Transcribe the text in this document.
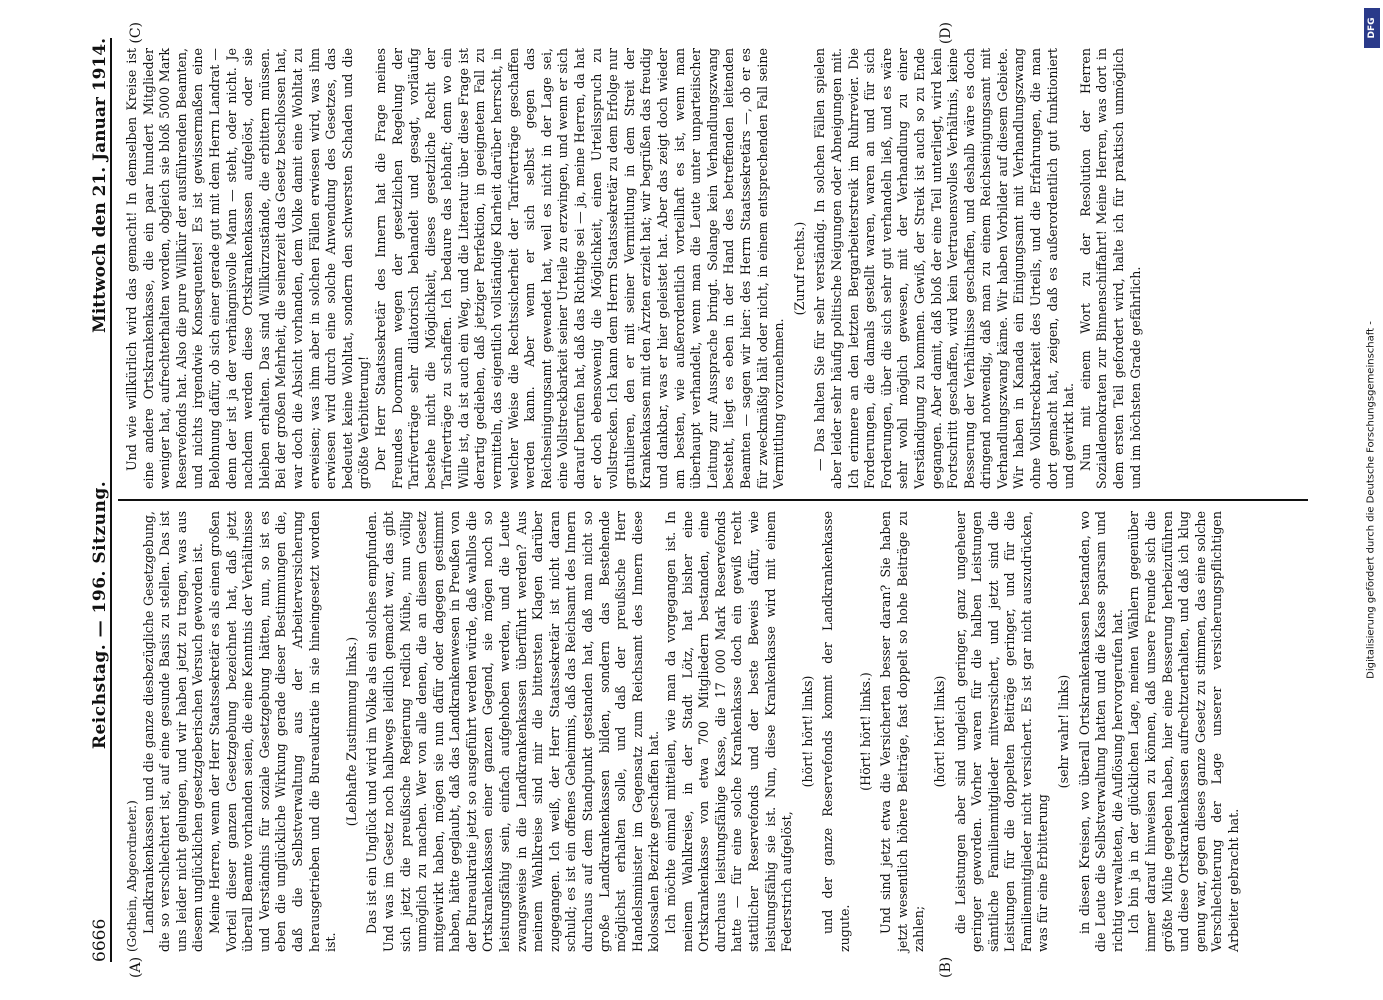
6666
Reichstag. — 196. Sitzung.
Mittwoch den 21. Januar 1914.
(A)	(B)

(Gothein, Abgeordneter.) Landkrankenkassen und die ganze diesbezügliche Gesetzgebung, die so verschlechtert ist, auf eine gesunde Basis zu stellen. Das ist uns leider nicht gelungen, und wir haben jetzt zu tragen, was aus diesem unglücklichen gesetzgeberischen Versuch geworden ist. Meine Herren, wenn der Herr Staatssekretär es als einen großen Vorteil dieser ganzen Gesetzgebung bezeichnet hat, daß jetzt überall Beamte vorhanden seien, die eine Kenntnis der Verhältnisse und Verständnis für soziale Gesetzgebung hätten, nun, so ist es eben die unglückliche Wirkung gerade dieser Bestimmungen die, daß die Selbstverwaltung aus der Arbeiterversicherung herausgetrieben und die Bureaukratie in sie hineingesetzt worden ist.

(Lebhafte Zustimmung links.) Das ist ein Unglück und wird im Volke als ein solches empfunden. Und was im Gesetz noch halbwegs leidlich gemacht war, das gibt sich jetzt die preußische Regierung redlich Mühe, nun völlig unmöglich zu machen. Wer von alle denen, die an diesem Gesetz mitgewirkt haben, mögen sie nun dafür oder dagegen gestimmt haben, hätte geglaubt, daß das Landkrankenwesen in Preußen von der Bureaukratie jetzt so ausgeführt werden würde, daß wahllos die Ortskrankenkassen einer ganzen Gegend, sie mögen noch so leistungsfähig sein, einfach aufgehoben werden, und die Leute zwangsweise in die Landkrankenkassen überführt werden? Aus meinem Wahlkreise sind mir die bittersten Klagen darüber zugegangen. Ich weiß, der Herr Staatssekretär ist nicht daran schuld; es ist ein offenes Geheimnis, daß das Reichsamt des Innern durchaus auf dem Standpunkt gestanden hat, daß man nicht so große Landkrankenkassen bilden, sondern das Bestehende möglichst erhalten solle, und daß der preußische Herr Handelsminister im Gegensatz zum Reichsamt des Innern diese kolossalen Bezirke geschaffen hat. Ich möchte einmal mitteilen, wie man da vorgegangen ist. In meinem Wahlkreise, in der Stadt Lötz, hat bisher eine Ortskrankenkasse von etwa 700 Mitgliedern bestanden, eine durchaus leistungsfähige Kasse, die 17 000 Mark Reservefonds hatte — für eine solche Krankenkasse doch ein gewiß recht stattlicher Reservefonds und der beste Beweis dafür, wie leistungsfähig sie ist. Nun, diese Krankenkasse wird mit einem Federstrich aufgelöst,

(hört! hört! links) und der ganze Reservefonds kommt der Landkrankenkasse zugute.

(Hört! hört! links.) Und sind jetzt etwa die Versicherten besser daran? Sie haben jetzt wesentlich höhere Beiträge, fast doppelt so hohe Beiträge zu zahlen;

(hört! hört! links) die Leistungen aber sind ungleich geringer, ganz ungeheuer geringer geworden. Vorher waren für die halben Leistungen sämtliche Familienmitglieder mitversichert, und jetzt sind die Leistungen für die doppelten Beiträge geringer, und für die Familienmitglieder nicht versichert. Es ist gar nicht auszudrücken, was für eine Erbitterung

(sehr wahr! links) in diesen Kreisen, wo überall Ortskrankenkassen bestanden, wo die Leute die Selbstverwaltung hatten und die Kasse sparsam und richtig verwalteten, die Auflösung hervorgerufen hat. Ich bin ja in der glücklichen Lage, meinen Wählern gegenüber immer darauf hinweisen zu können, daß unsere Freunde sich die größte Mühe gegeben haben, hier eine Besserung herbeizuführen und diese Ortskrankenkassen aufrechtzuerhalten, und daß ich klug genug war, gegen dieses ganze Gesetz zu stimmen, das eine solche Verschlechterung der Lage unserer versicherungspflichtigen Arbeiter gebracht hat.

(C)	(D)

Und wie willkürlich wird das gemacht! In demselben Kreise ist eine andere Ortskrankenkasse, die ein paar hundert Mitglieder weniger hat, aufrechterhalten worden, obgleich sie bloß 5000 Mark Reservefonds hat. Also die pure Willkür der ausführenden Beamten, und nichts irgendwie Konsequentes! Es ist gewissermaßen eine Belohnung dafür, ob sich einer gerade gut mit dem Herrn Landrat — denn der ist ja der verhängnisvolle Mann — steht, oder nicht. Je nachdem werden diese Ortskrankenkassen aufgelöst, oder sie bleiben erhalten. Das sind Willkürzustände, die erbittern müssen. Bei der großen Mehrheit, die seinerzeit das Gesetz beschlossen hat, war doch die Absicht vorhanden, dem Volke damit eine Wohltat zu erweisen; was ihm aber in solchen Fällen erwiesen wird, was ihm erwiesen wird durch eine solche Anwendung des Gesetzes, das bedeutet keine Wohltat, sondern den schwersten Schaden und die größte Verbitterung! Der Herr Staatssekretär des Innern hat die Frage meines Freundes Doormann wegen der gesetzlichen Regelung der Tarifverträge sehr dilatorisch behandelt und gesagt, vorläufig bestehe nicht die Möglichkeit, dieses gesetzliche Recht der Tarifverträge zu schaffen. Ich bedaure das lebhaft; denn wo ein Wille ist, da ist auch ein Weg, und die Literatur über diese Frage ist derartig gediehen, daß jetziger Perfektion, in geeignetem Fall zu vermitteln, das eigentlich vollständige Klarheit darüber herrscht, in welcher Weise die Rechtssicherheit der Tarifverträge geschaffen werden kann. Aber wenn er sich selbst gegen das Reichseinigungsamt gewendet hat, weil es nicht in der Lage sei, eine Vollstreckbarkeit seiner Urteile zu erzwingen, und wenn er sich darauf berufen hat, daß das Richtige sei — ja, meine Herren, da hat er doch ebensowenig die Möglichkeit, einen Urteilsspruch zu vollstrecken. Ich kann dem Herrn Staatssekretär zu dem Erfolge nur gratulieren, den er mit seiner Vermittlung in dem Streit der Krankenkassen mit den Ärzten erzielt hat; wir begrüßen das freudig und dankbar, was er hier geleistet hat. Aber das zeigt doch wieder am besten, wie außerordentlich vorteilhaft es ist, wenn man überhaupt verhandelt, wenn man die Leute unter unparteiischer Leitung zur Aussprache bringt. Solange kein Verhandlungszwang besteht, liegt es eben in der Hand des betreffenden leitenden Beamten — sagen wir hier: des Herrn Staatssekretärs —, ob er es für zweckmäßig hält oder nicht, in einem entsprechenden Fall seine Vermittlung vorzunehmen.

(Zuruf rechts.) — Das halten Sie für sehr verständig. In solchen Fällen spielen aber leider sehr häufig politische Neigungen oder Abneigungen mit. Ich erinnere an den letzten Bergarbeiterstreik im Ruhrrevier. Die Forderungen, die damals gestellt waren, waren an und für sich Forderungen, über die sich sehr gut verhandeln ließ, und es wäre sehr wohl möglich gewesen, mit der Verhandlung zu einer Verständigung zu kommen. Gewiß, der Streik ist auch so zu Ende gegangen. Aber damit, daß bloß der eine Teil unterliegt, wird kein Fortschritt geschaffen, wird kein Vertrauensvolles Verhältnis, keine Besserung der Verhältnisse geschaffen, und deshalb wäre es doch dringend notwendig, daß man zu einem Reichseinigungsamt mit Verhandlungszwang käme. Wir haben Vorbilder auf diesem Gebiete. Wir haben in Kanada ein Einigungsamt mit Verhandlungszwang ohne Vollstreckbarkeit des Urteils, und die Erfahrungen, die man dort gemacht hat, zeigen, daß es außerordentlich gut funktioniert und gewirkt hat. Nun mit einem Wort zu der Resolution der Herren Sozialdemokraten zur Binnenschiffahrt! Meine Herren, was dort in dem ersten Teil gefordert wird, halte ich für praktisch unmöglich und im höchsten Grade gefährlich.	Digitalisierung gefördert durch die Deutsche Forschungsgemeinschaft -
DFG
